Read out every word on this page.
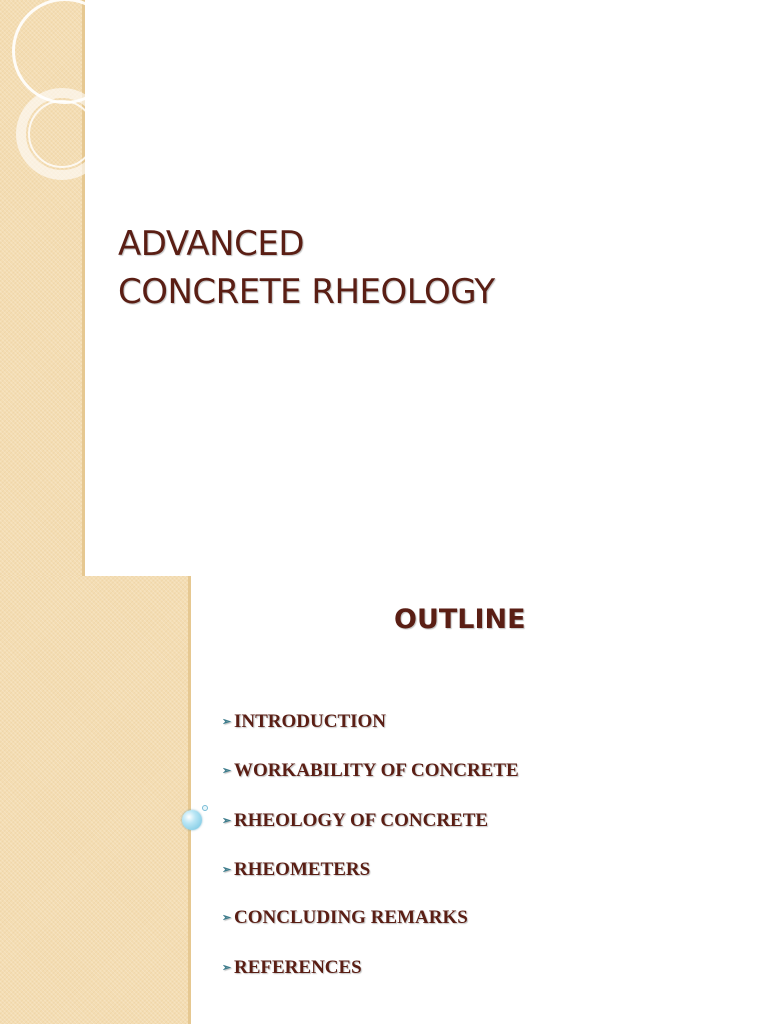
ADVANCED
CONCRETE RHEOLOGY
OUTLINE

➢ INTRODUCTION

➢ WORKABILITY OF CONCRETE

➢ RHEOLOGY OF CONCRETE

➢ RHEOMETERS

➢ CONCLUDING REMARKS

➢ REFERENCES
